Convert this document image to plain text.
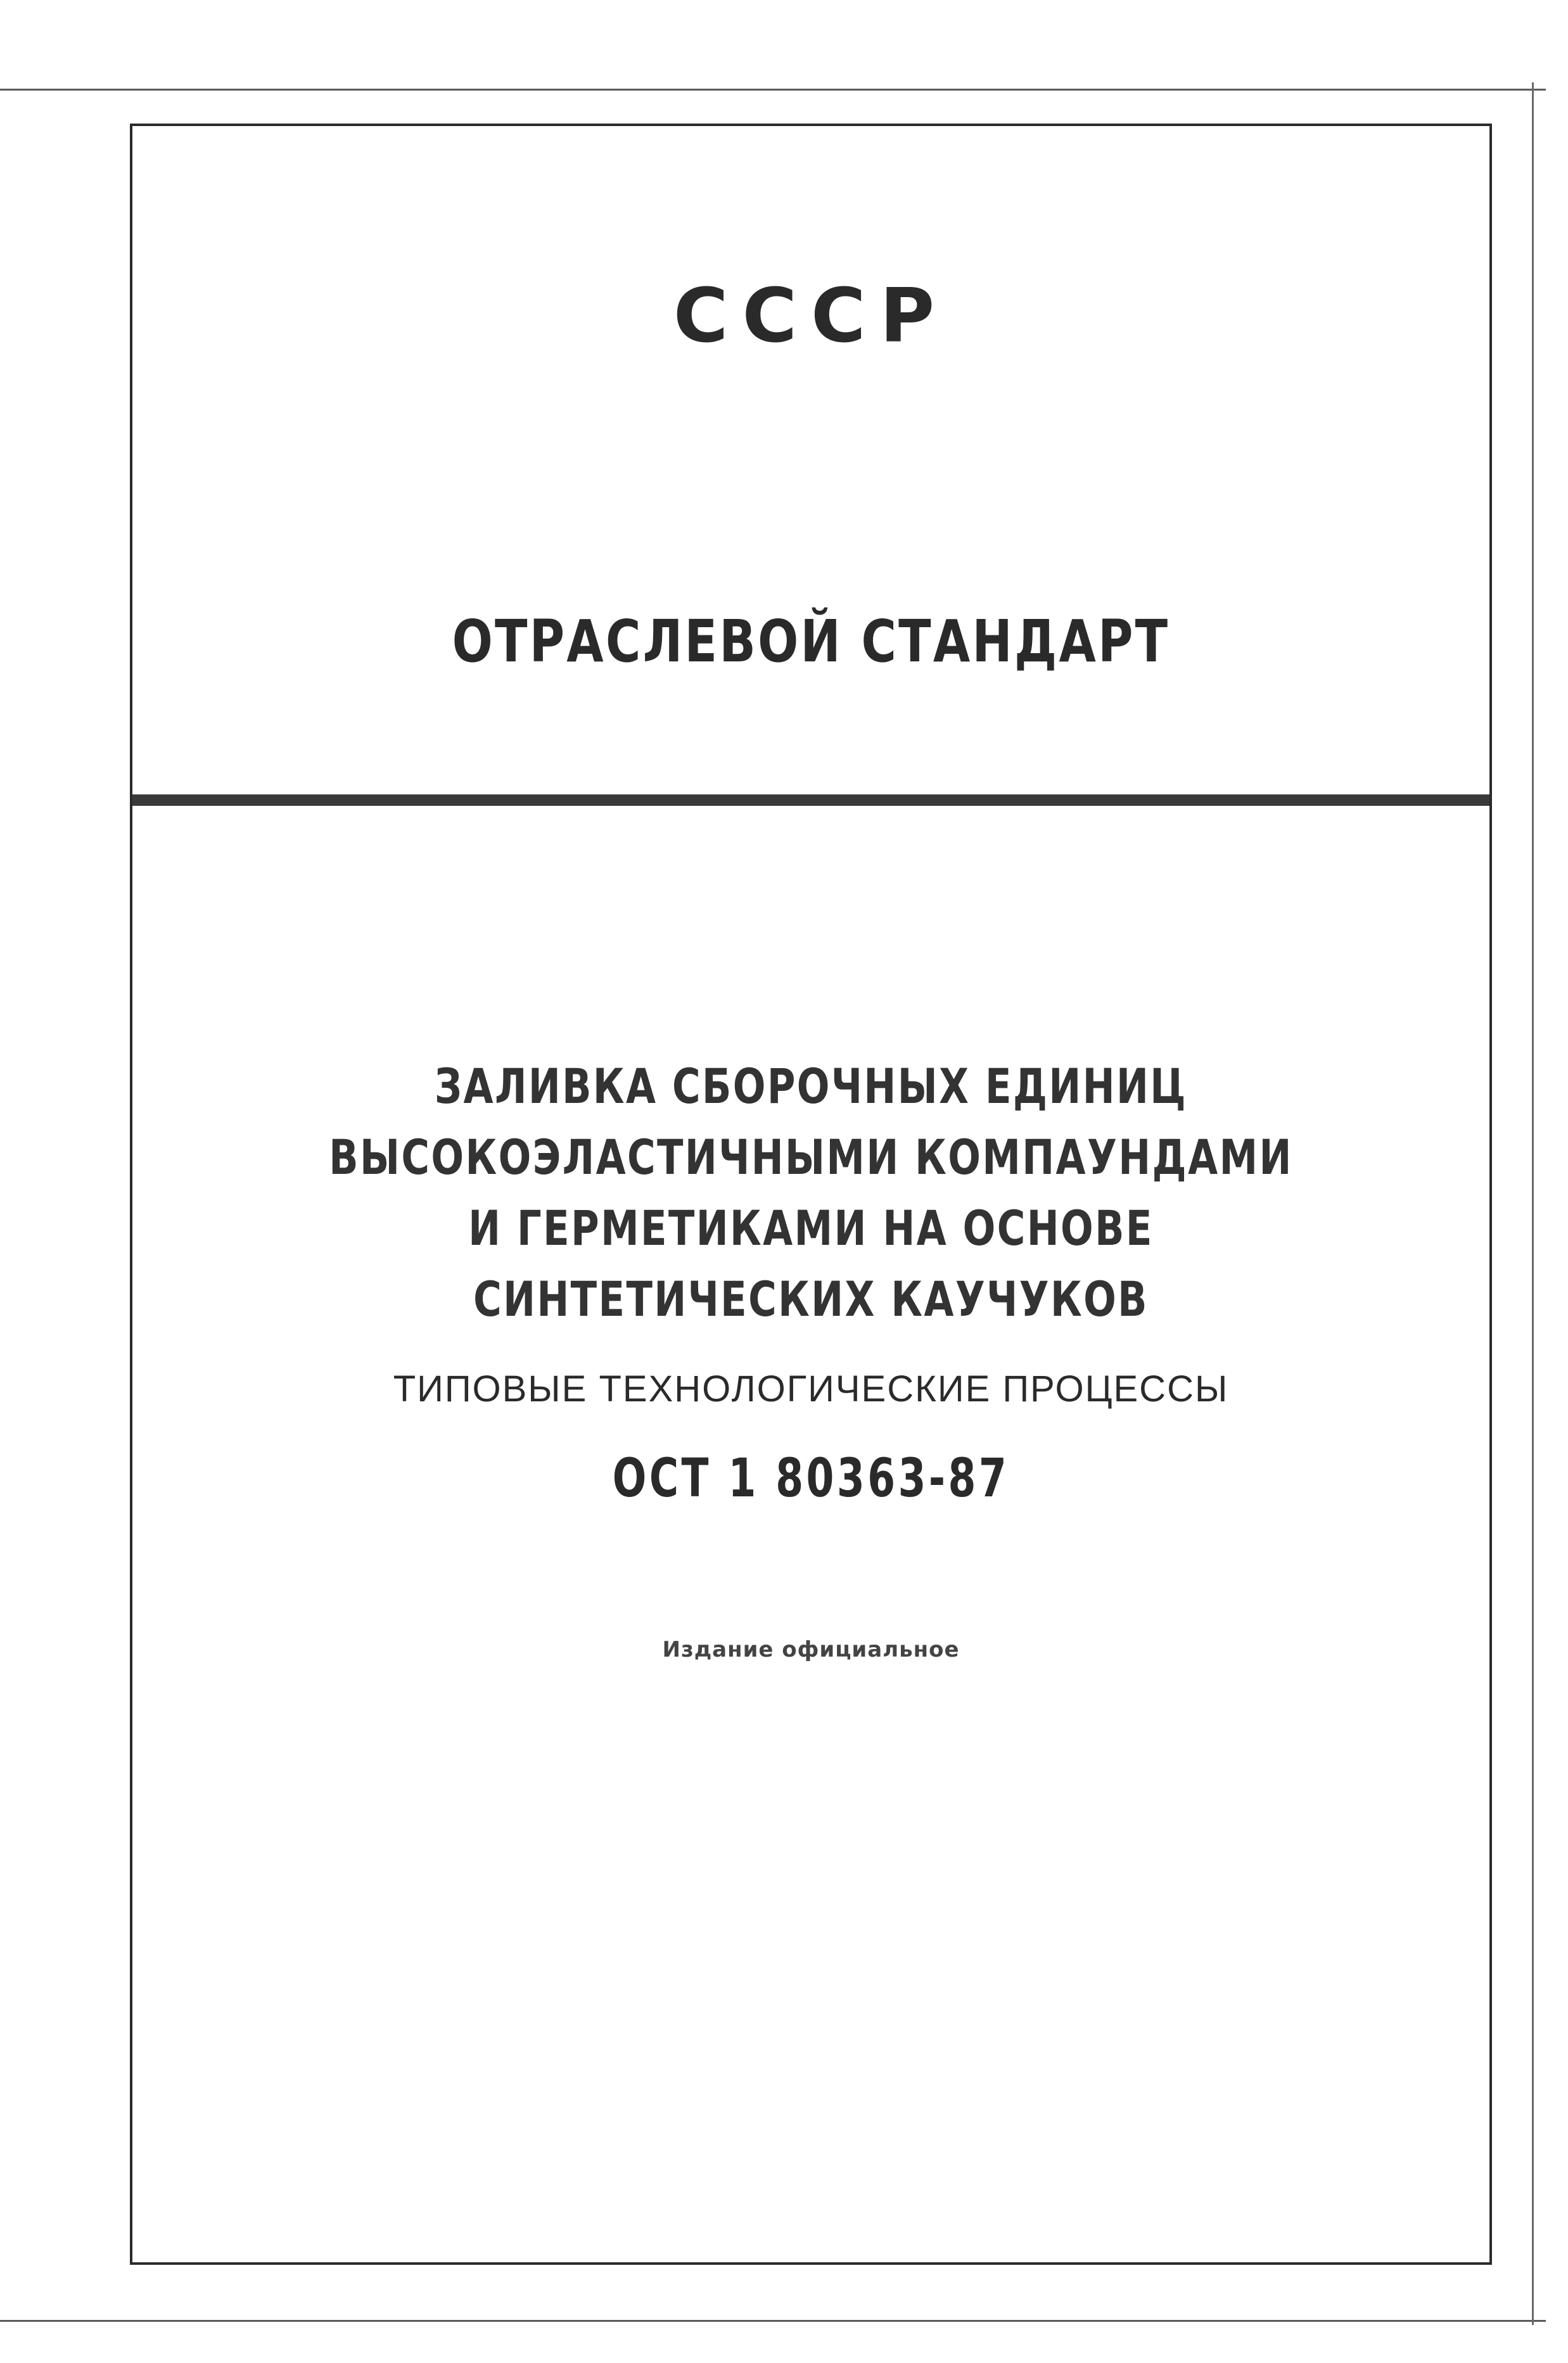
СССР
ОТРАСЛЕВОЙ СТАНДАРТ
ЗАЛИВКА СБОРОЧНЫХ ЕДИНИЦ
ВЫСОКОЭЛАСТИЧНЫМИ КОМПАУНДАМИ
И ГЕРМЕТИКАМИ НА ОСНОВЕ
СИНТЕТИЧЕСКИХ КАУЧУКОВ
ТИПОВЫЕ ТЕХНОЛОГИЧЕСКИЕ ПРОЦЕССЫ
ОСТ 1 80363-87
Издание официальное
